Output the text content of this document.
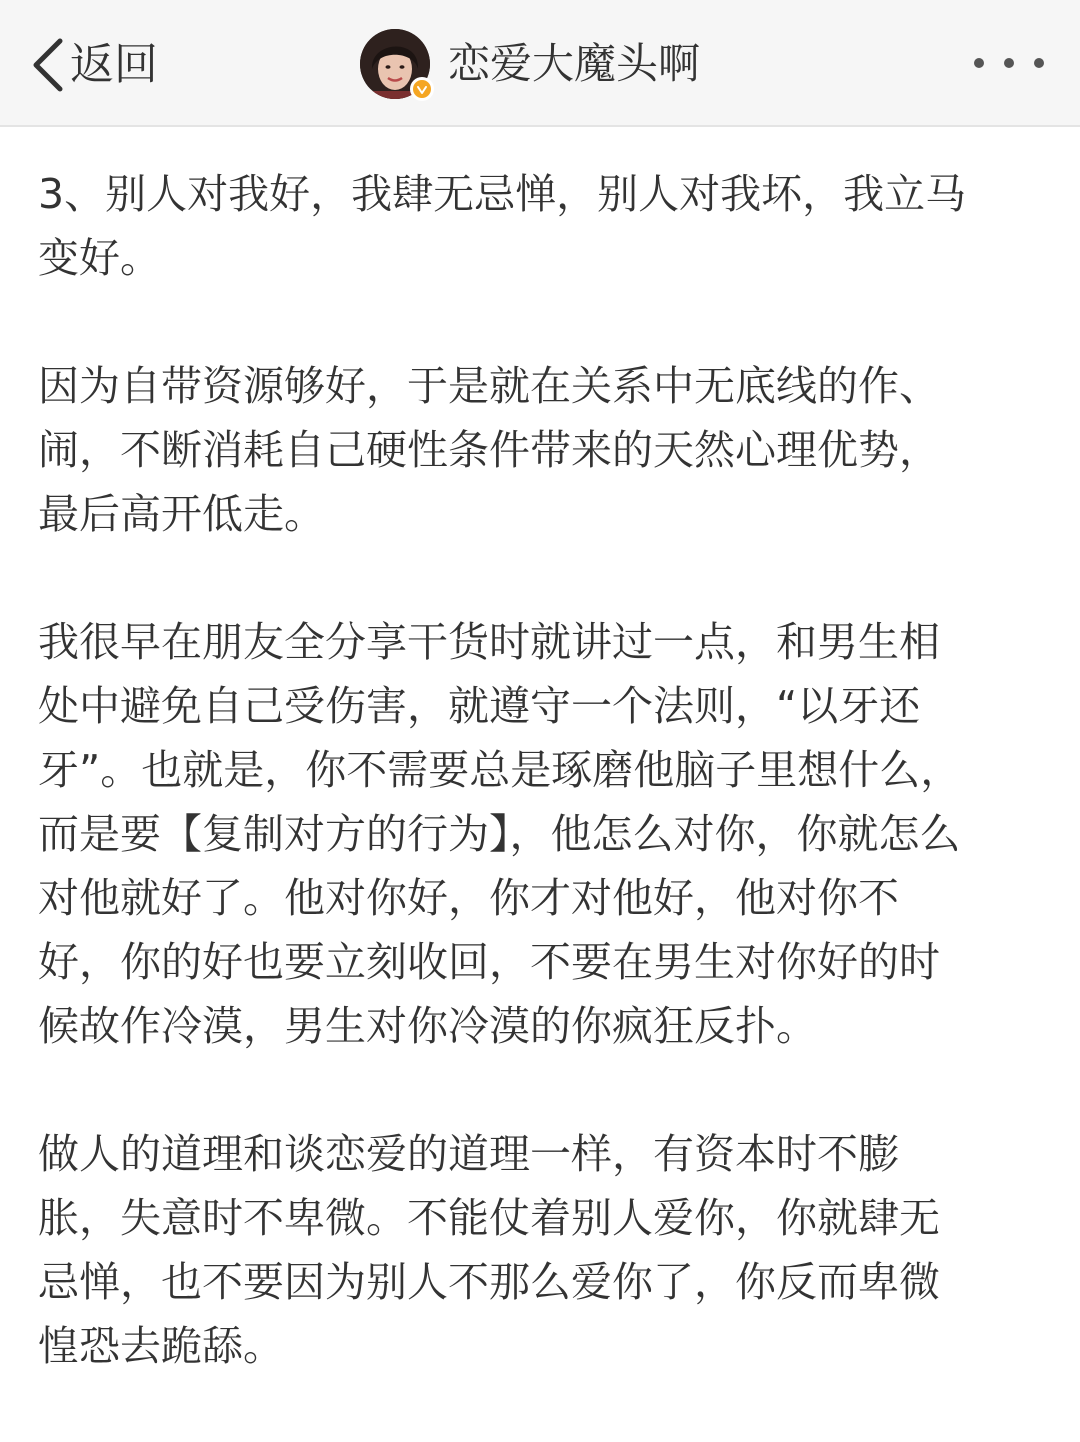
返回	恋爱大魔头啊

3、别人对我好，我肆无忌惮，别人对我坏，我立马
变好。

因为自带资源够好，于是就在关系中无底线的作、
闹，不断消耗自己硬性条件带来的天然心理优势，
最后高开低走。

我很早在朋友全分享干货时就讲过一点，和男生相
处中避免自己受伤害，就遵守一个法则，“以牙还
牙”。也就是，你不需要总是琢磨他脑子里想什么，
而是要【复制对方的行为】，他怎么对你，你就怎么
对他就好了。他对你好，你才对他好，他对你不
好，你的好也要立刻收回，不要在男生对你好的时
候故作冷漠，男生对你冷漠的你疯狂反扑。

做人的道理和谈恋爱的道理一样，有资本时不膨
胀，失意时不卑微。不能仗着别人爱你，你就肆无
忌惮，也不要因为别人不那么爱你了，你反而卑微
惶恐去跪舔。
